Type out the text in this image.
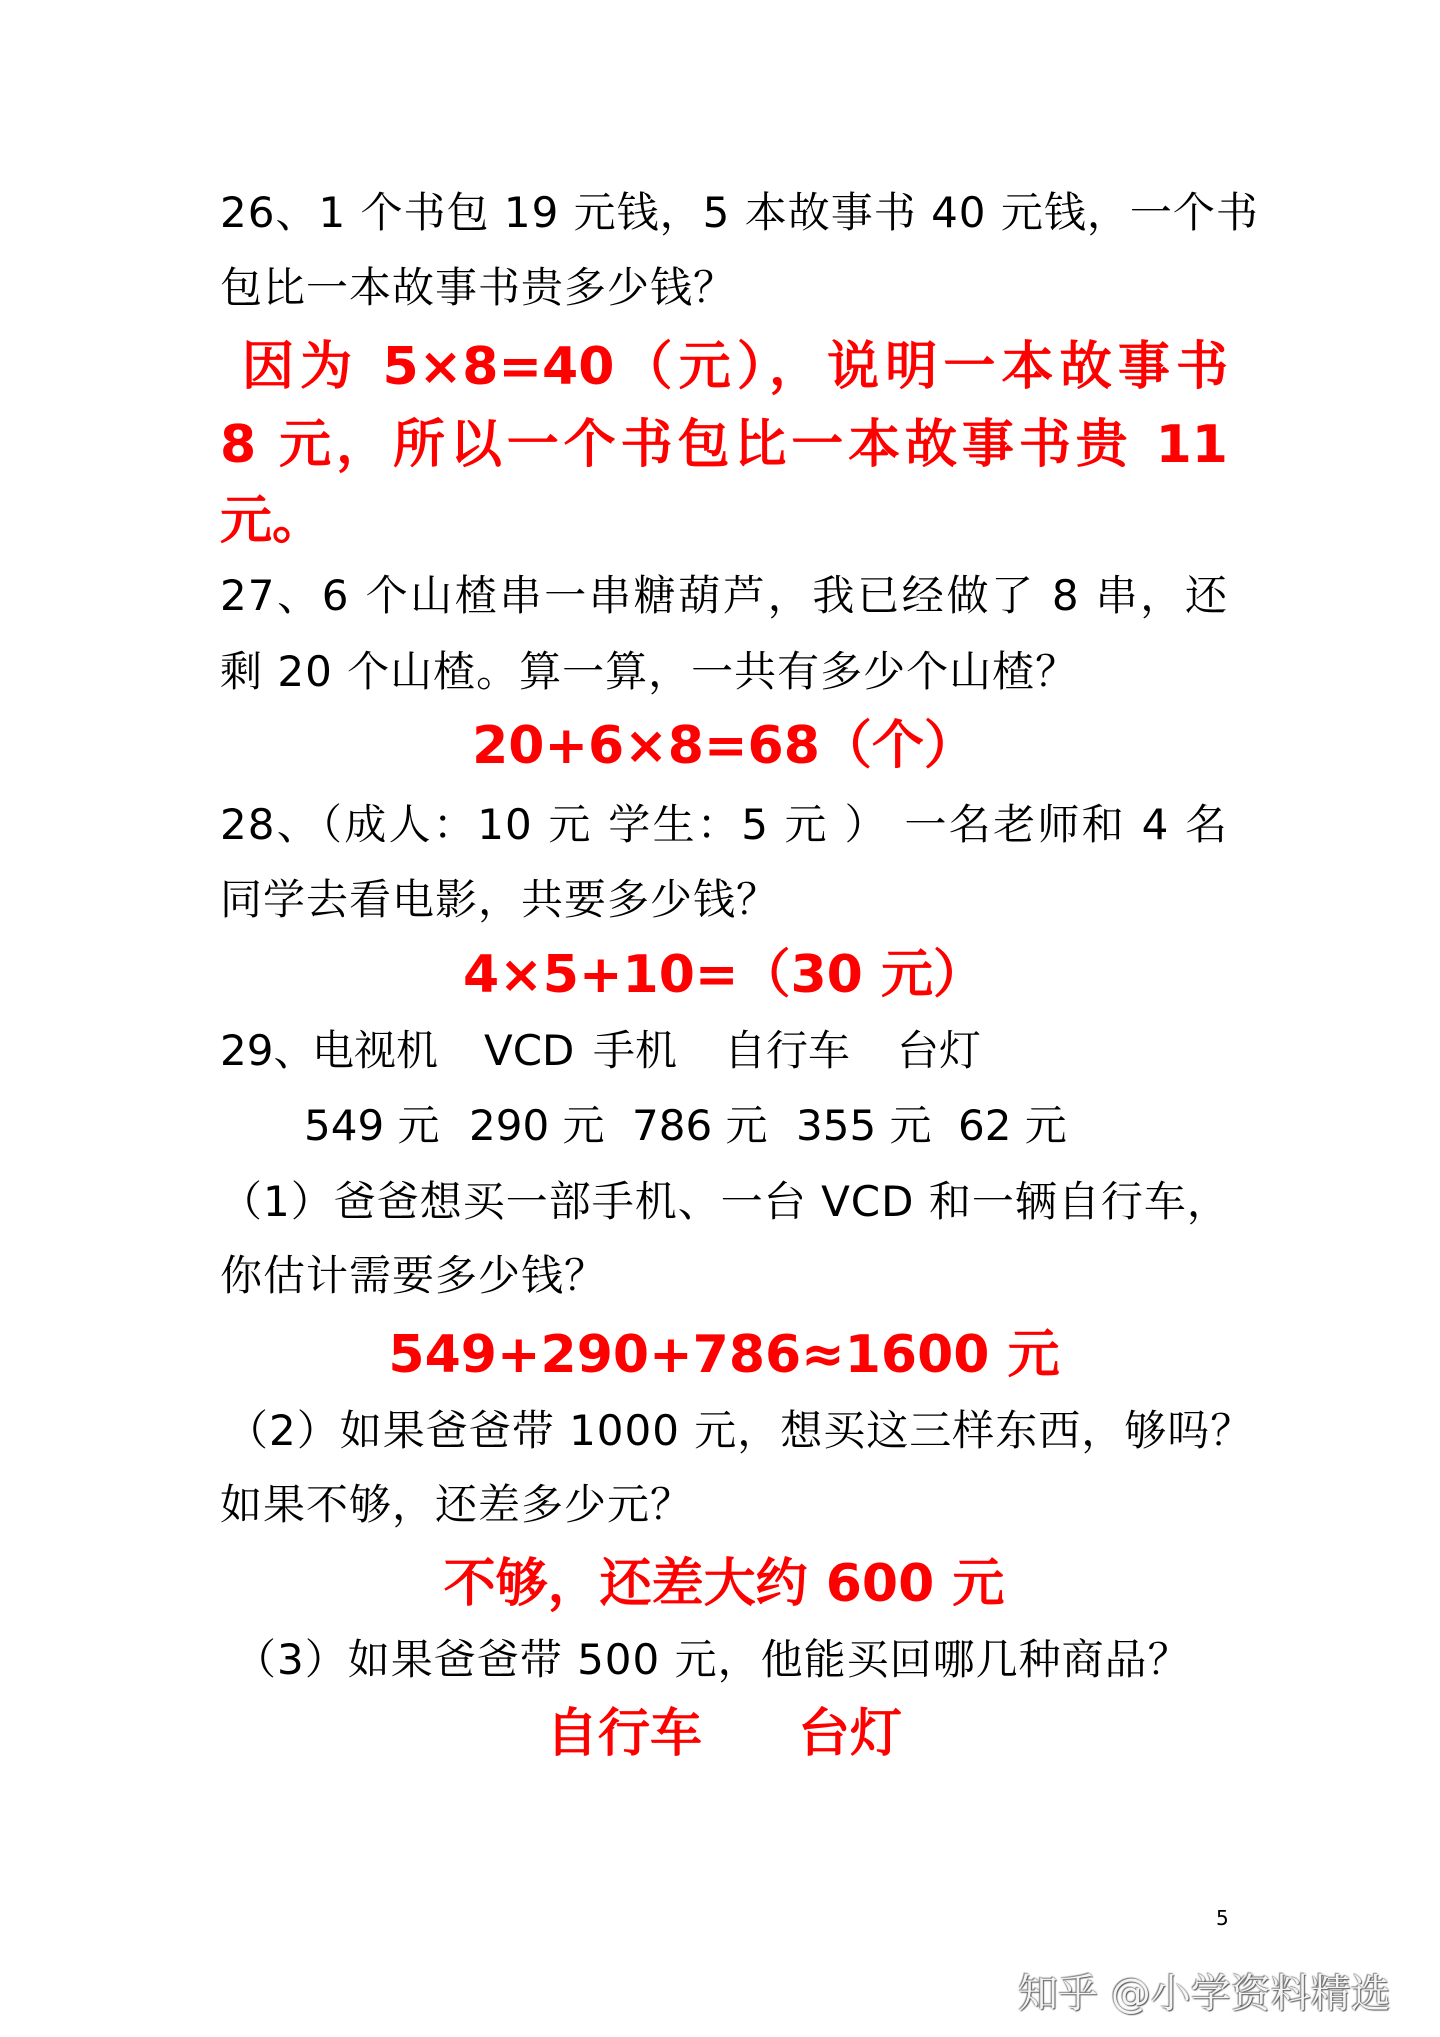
26、1 个书包 19 元钱，5 本故事书 40 元钱，一个书
包比一本故事书贵多少钱？
因为 5×8=40（元），说明一本故事书
8 元，所以一个书包比一本故事书贵 11
元。
27、6 个山楂串一串糖葫芦，我已经做了 8 串，还
剩 20 个山楂。算一算，一共有多少个山楂？
20+6×8=68（个）
28、（成人：10 元 学生：5 元 ） 一名老师和 4 名
同学去看电影，共要多少钱？
4×5+10=（30 元）
29、
电视机 VCD 手机 自行车 台灯
549 元 290 元 786 元 355 元 62 元
（1）爸爸想买一部手机、一台 VCD 和一辆自行车，
你估计需要多少钱？
549+290+786≈1600 元
（2）如果爸爸带 1000 元，想买这三样东西，够吗？
如果不够，还差多少元？
不够，还差大约 600 元
（3）如果爸爸带 500 元，他能买回哪几种商品？
自行车 台灯
5
知乎 @小学资料精选
